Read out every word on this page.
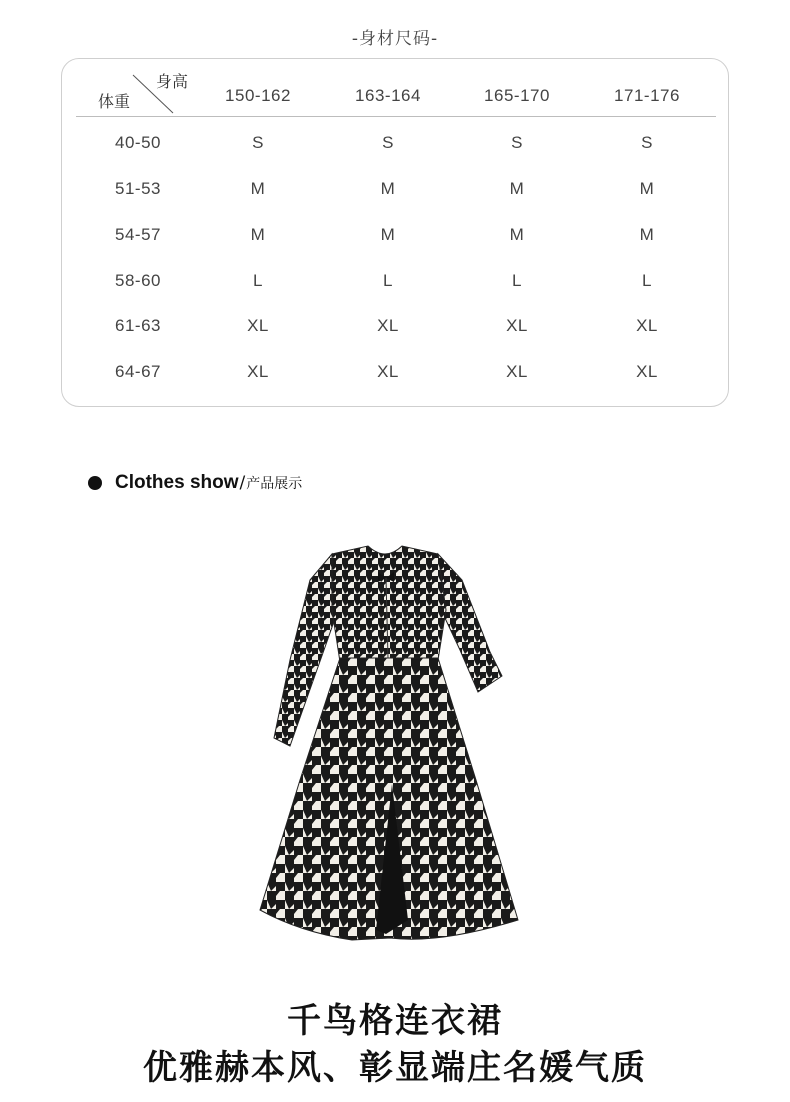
-身材尺码-
身高
体重	150-162	163-164	165-170	171-176
40-50	S	S	S	S
51-53	M	M	M	M
54-57	M	M	M	M
58-60	L	L	L	L
61-63	XL	XL	XL	XL
64-67	XL	XL	XL	XL
Clothes show / 产品展示
千鸟格连衣裙
优雅赫本风、彰显端庄名媛气质
